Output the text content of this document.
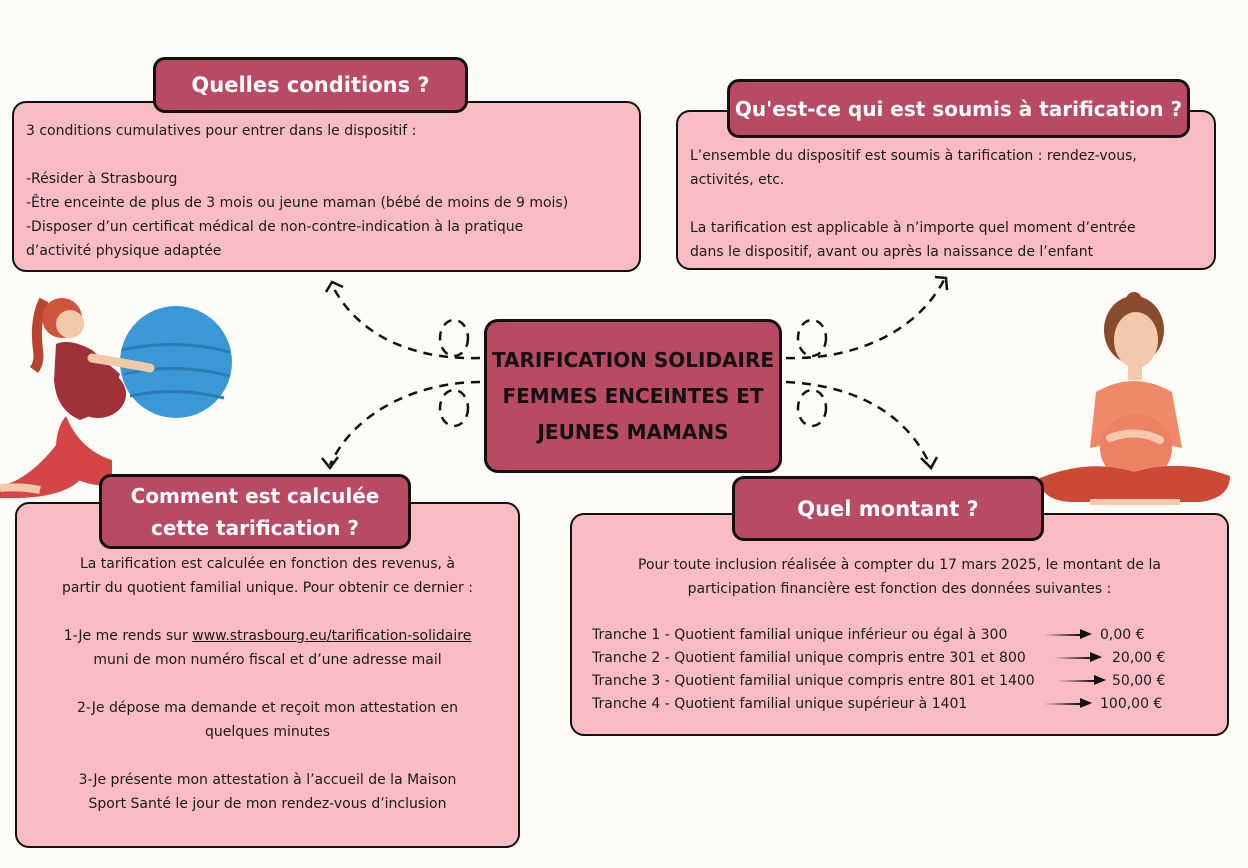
3 conditions cumulatives pour entrer dans le dispositif :

-Résider à Strasbourg
-Être enceinte de plus de 3 mois ou jeune maman (bébé de moins de 9 mois)
-Disposer d’un certificat médical de non-contre-indication à la pratique
d’activité physique adaptée
Quelles conditions ?
L’ensemble du dispositif est soumis à tarification : rendez-vous,
activités, etc.

La tarification est applicable à n’importe quel moment d’entrée
dans le dispositif, avant ou après la naissance de l’enfant
Qu'est-ce qui est soumis à tarification ?
TARIFICATION SOLIDAIRE
FEMMES ENCEINTES ET
JEUNES MAMANS
La tarification est calculée en fonction des revenus, à
partir du quotient familial unique. Pour obtenir ce dernier :

1-Je me rends sur www.strasbourg.eu/tarification-solidaire
muni de mon numéro fiscal et d’une adresse mail

2-Je dépose ma demande et reçoit mon attestation en
quelques minutes

3-Je présente mon attestation à l’accueil de la Maison
Sport Santé le jour de mon rendez-vous d’inclusion
Comment est calculée
cette tarification ?
Pour toute inclusion réalisée à compter du 17 mars 2025, le montant de la
participation financière est fonction des données suivantes :
Tranche 1 - Quotient familial unique inférieur ou égal à 300	0,00 €
Tranche 2 - Quotient familial unique compris entre 301 et 800	20,00 €
Tranche 3 - Quotient familial unique compris entre 801 et 1400	50,00 €
Tranche 4 - Quotient familial unique supérieur à 1401	100,00 €
Quel montant ?
